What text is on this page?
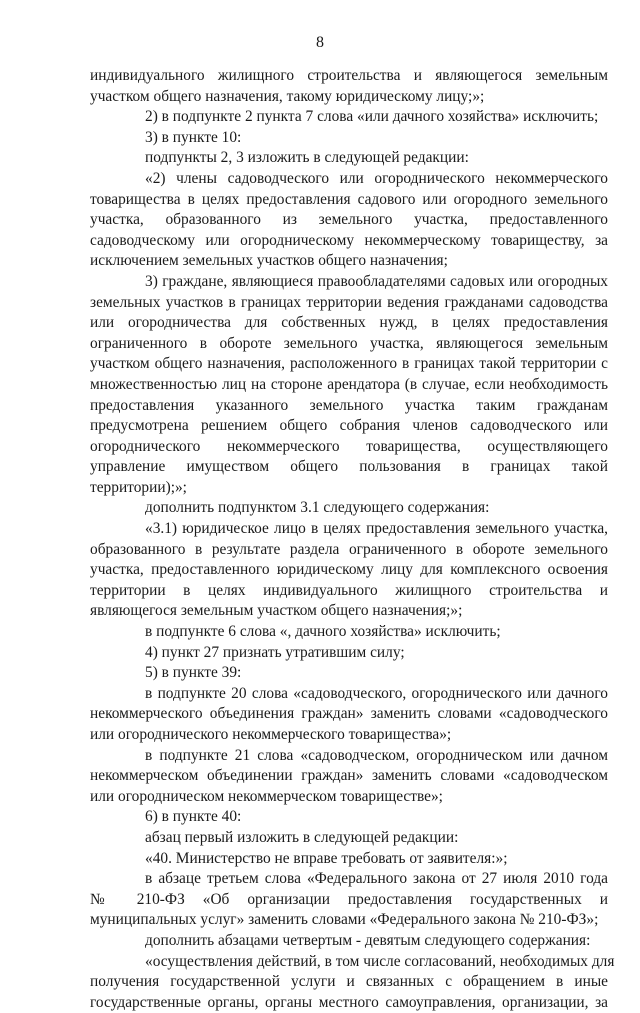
8
индивидуального жилищного строительства и являющегося земельным
участком общего назначения, такому юридическому лицу;»;
2) в подпункте 2 пункта 7 слова «или дачного хозяйства» исключить;
3) в пункте 10:
подпункты 2, 3 изложить в следующей редакции:
«2) члены садоводческого или огороднического некоммерческого
товарищества в целях предоставления садового или огородного земельного
участка, образованного из земельного участка, предоставленного
садоводческому или огородническому некоммерческому товариществу, за
исключением земельных участков общего назначения;
3) граждане, являющиеся правообладателями садовых или огородных
земельных участков в границах территории ведения гражданами садоводства
или огородничества для собственных нужд, в целях предоставления
ограниченного в обороте земельного участка, являющегося земельным
участком общего назначения, расположенного в границах такой территории с
множественностью лиц на стороне арендатора (в случае, если необходимость
предоставления указанного земельного участка таким гражданам
предусмотрена решением общего собрания членов садоводческого или
огороднического некоммерческого товарищества, осуществляющего
управление имуществом общего пользования в границах такой
территории);»;
дополнить подпунктом 3.1 следующего содержания:
«3.1) юридическое лицо в целях предоставления земельного участка,
образованного в результате раздела ограниченного в обороте земельного
участка, предоставленного юридическому лицу для комплексного освоения
территории в целях индивидуального жилищного строительства и
являющегося земельным участком общего назначения;»;
в подпункте 6 слова «, дачного хозяйства» исключить;
4) пункт 27 признать утратившим силу;
5) в пункте 39:
в подпункте 20 слова «садоводческого, огороднического или дачного
некоммерческого объединения граждан» заменить словами «садоводческого
или огороднического некоммерческого товарищества»;
в подпункте 21 слова «садоводческом, огородническом или дачном
некоммерческом объединении граждан» заменить словами «садоводческом
или огородническом некоммерческом товариществе»;
6) в пункте 40:
абзац первый изложить в следующей редакции:
«40. Министерство не вправе требовать от заявителя:»;
в абзаце третьем слова «Федерального закона от 27 июля 2010 года
№ 210-ФЗ «Об организации предоставления государственных и
муниципальных услуг» заменить словами «Федерального закона № 210-ФЗ»;
дополнить абзацами четвертым - девятым следующего содержания:
«осуществления действий, в том числе согласований, необходимых для
получения государственной услуги и связанных с обращением в иные
государственные органы, органы местного самоуправления, организации, за
